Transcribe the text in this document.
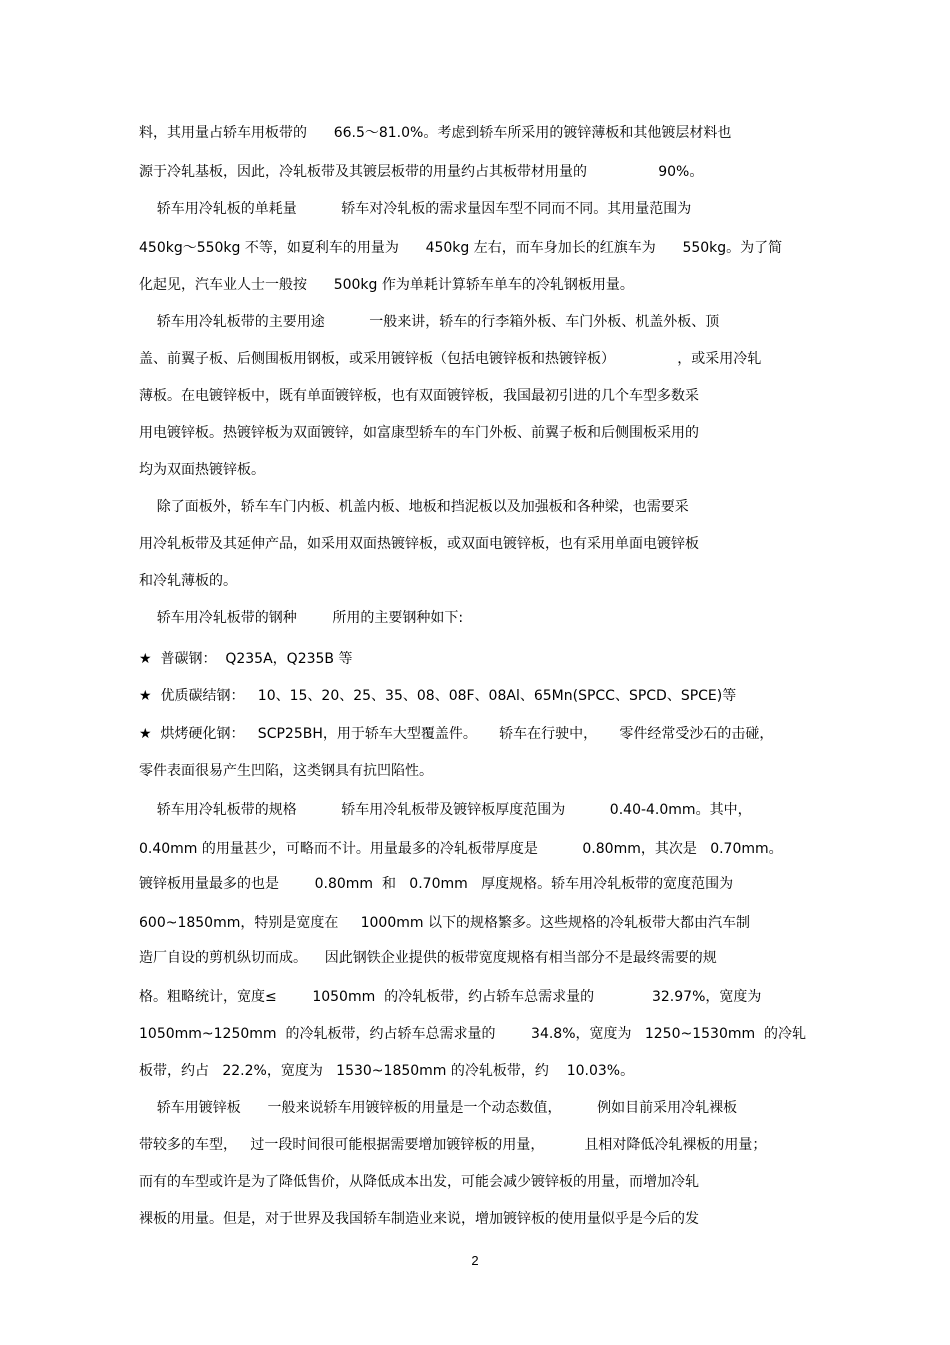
料，其用量占轿车用板带的      66.5～81.0%。考虑到轿车所采用的镀锌薄板和其他镀层材料也
源于冷轧基板，因此，冷轧板带及其镀层板带的用量约占其板带材用量的                90%。
轿车用冷轧板的单耗量          轿车对冷轧板的需求量因车型不同而不同。其用量范围为
450kg～550kg 不等，如夏利车的用量为      450kg 左右，而车身加长的红旗车为      550kg。为了简
化起见，汽车业人士一般按      500kg 作为单耗计算轿车单车的冷轧钢板用量。
轿车用冷轧板带的主要用途          一般来讲，轿车的行李箱外板、车门外板、机盖外板、顶
盖、前翼子板、后侧围板用钢板，或采用镀锌板（包括电镀锌板和热镀锌板）              ，或采用冷轧
薄板。在电镀锌板中，既有单面镀锌板，也有双面镀锌板，我国最初引进的几个车型多数采
用电镀锌板。热镀锌板为双面镀锌，如富康型轿车的车门外板、前翼子板和后侧围板采用的
均为双面热镀锌板。
除了面板外，轿车车门内板、机盖内板、地板和挡泥板以及加强板和各种梁，也需要采
用冷轧板带及其延伸产品，如采用双面热镀锌板，或双面电镀锌板，也有采用单面电镀锌板
和冷轧薄板的。
轿车用冷轧板带的钢种        所用的主要钢种如下:
★  普碳钢：  Q235A，Q235B 等
★  优质碳结钢：   10、15、20、25、35、08、08F、08Al、65Mn(SPCC、SPCD、SPCE)等
★  烘烤硬化钢：   SCP25BH，用于轿车大型覆盖件。     轿车在行驶中，     零件经常受沙石的击碰，
零件表面很易产生凹陷，这类钢具有抗凹陷性。
轿车用冷轧板带的规格          轿车用冷轧板带及镀锌板厚度范围为          0.40-4.0mm。其中，
0.40mm 的用量甚少，可略而不计。用量最多的冷轧板带厚度是          0.80mm，其次是   0.70mm。
镀锌板用量最多的也是        0.80mm  和   0.70mm   厚度规格。轿车用冷轧板带的宽度范围为
600~1850mm，特别是宽度在     1000mm 以下的规格繁多。这些规格的冷轧板带大都由汽车制
造厂自设的剪机纵切而成。    因此钢铁企业提供的板带宽度规格有相当部分不是最终需要的规
格。粗略统计，宽度≤        1050mm  的冷轧板带，约占轿车总需求量的             32.97%，宽度为
1050mm~1250mm  的冷轧板带，约占轿车总需求量的        34.8%，宽度为   1250~1530mm  的冷轧
板带，约占   22.2%，宽度为   1530~1850mm 的冷轧板带，约    10.03%。
轿车用镀锌板      一般来说轿车用镀锌板的用量是一个动态数值，        例如目前采用冷轧裸板
带较多的车型，   过一段时间很可能根据需要增加镀锌板的用量，         且相对降低冷轧裸板的用量；
而有的车型或许是为了降低售价，从降低成本出发，可能会减少镀锌板的用量，而增加冷轧
裸板的用量。但是，对于世界及我国轿车制造业来说，增加镀锌板的使用量似乎是今后的发
2
